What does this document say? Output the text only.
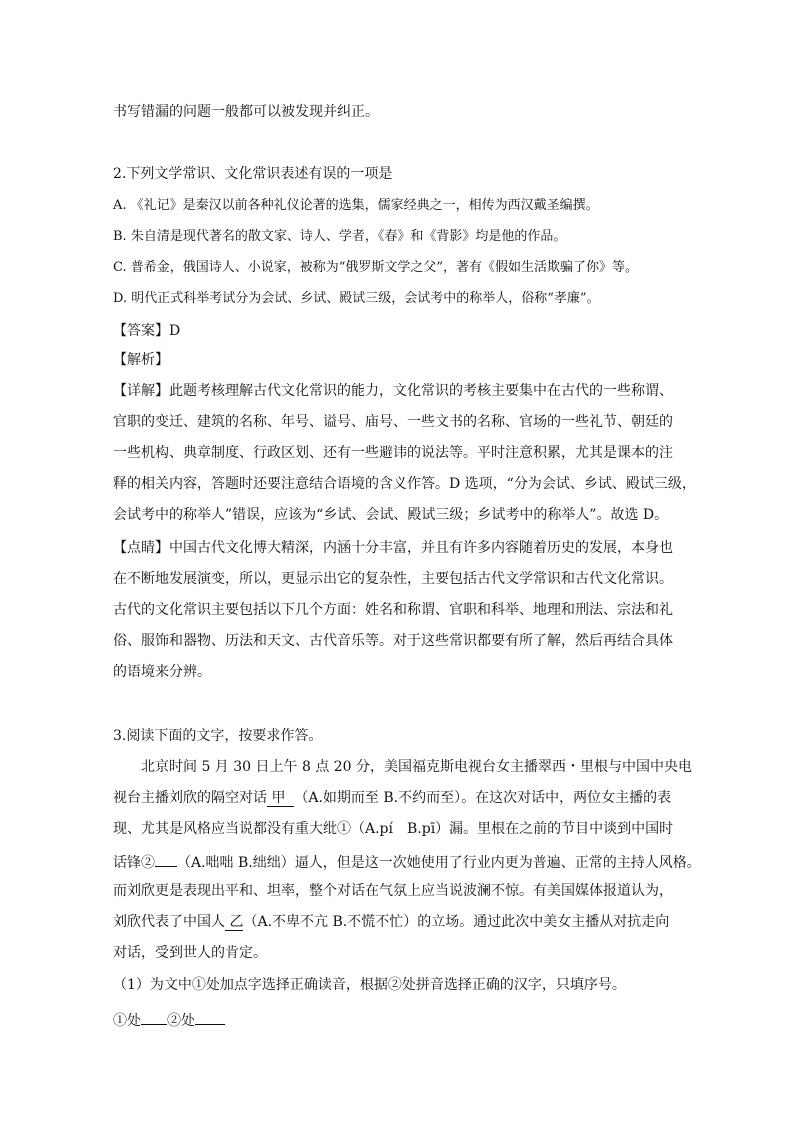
书写错漏的问题一般都可以被发现并纠正。
2.下列文学常识、文化常识表述有误的一项是
A. 《礼记》是秦汉以前各种礼仪论著的选集，儒家经典之一，相传为西汉戴圣编撰。
B. 朱自清是现代著名的散文家、诗人、学者，《春》和《背影》均是他的作品。
C. 普希金，俄国诗人、小说家，被称为“俄罗斯文学之父”，著有《假如生活欺骗了你》等。
D. 明代正式科举考试分为会试、乡试、殿试三级，会试考中的称举人，俗称“孝廉”。
【答案】D
【解析】
【详解】此题考核理解古代文化常识的能力，文化常识的考核主要集中在古代的一些称谓、
官职的变迁、建筑的名称、年号、谥号、庙号、一些文书的名称、官场的一些礼节、朝廷的
一些机构、典章制度、行政区划、还有一些避讳的说法等。平时注意积累，尤其是课本的注
释的相关内容，答题时还要注意结合语境的含义作答。D 选项，“分为会试、乡试、殿试三级，
会试考中的称举人”错误，应该为“乡试、会试、殿试三级；乡试考中的称举人”。故选 D。
【点睛】中国古代文化博大精深，内涵十分丰富，并且有许多内容随着历史的发展，本身也
在不断地发展演变，所以，更显示出它的复杂性，主要包括古代文学常识和古代文化常识。
古代的文化常识主要包括以下几个方面：姓名和称谓、官职和科举、地理和刑法、宗法和礼
俗、服饰和器物、历法和天文、古代音乐等。对于这些常识都要有所了解，然后再结合具体
的语境来分辨。
3.阅读下面的文字，按要求作答。
北京时间 5 月 30 日上午 8 点 20 分，美国福克斯电视台女主播翠西・里根与中国中央电
视台主播刘欣的隔空对话 甲 （A.如期而至 B.不约而至）。在这次对话中，两位女主播的表
现、尤其是风格应当说都没有重大纰①（A.pí　B.pī）漏。里根在之前的节目中谈到中国时
话锋② （A.咄咄 B.绌绌）逼人，但是这一次她使用了行业内更为普遍、正常的主持人风格。
而刘欣更是表现出平和、坦率，整个对话在气氛上应当说波澜不惊。有美国媒体报道认为，
刘欣代表了中国人 乙（A.不卑不亢 B.不慌不忙）的立场。通过此次中美女主播从对抗走向
对话，受到世人的肯定。
（1）为文中①处加点字选择正确读音，根据②处拼音选择正确的汉字，只填序号。
①处 ②处
